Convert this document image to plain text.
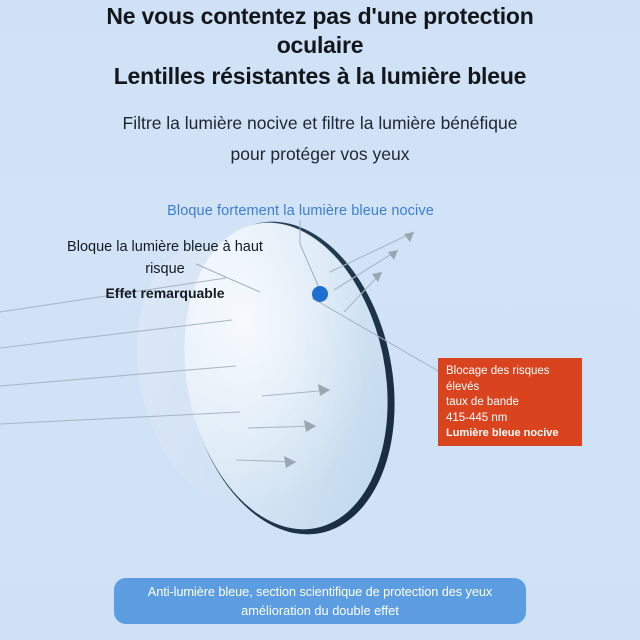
Ne vous contentez pas d'une protection
oculaire
Lentilles résistantes à la lumière bleue
Filtre la lumière nocive et filtre la lumière bénéfique
pour protéger vos yeux
Bloque fortement la lumière bleue nocive
Bloque la lumière bleue à haut risque
Effet remarquable
Blocage des risques
élevés
taux de bande
415-445 nm
Lumière bleue nocive
Anti-lumière bleue, section scientifique de protection des yeux
amélioration du double effet
